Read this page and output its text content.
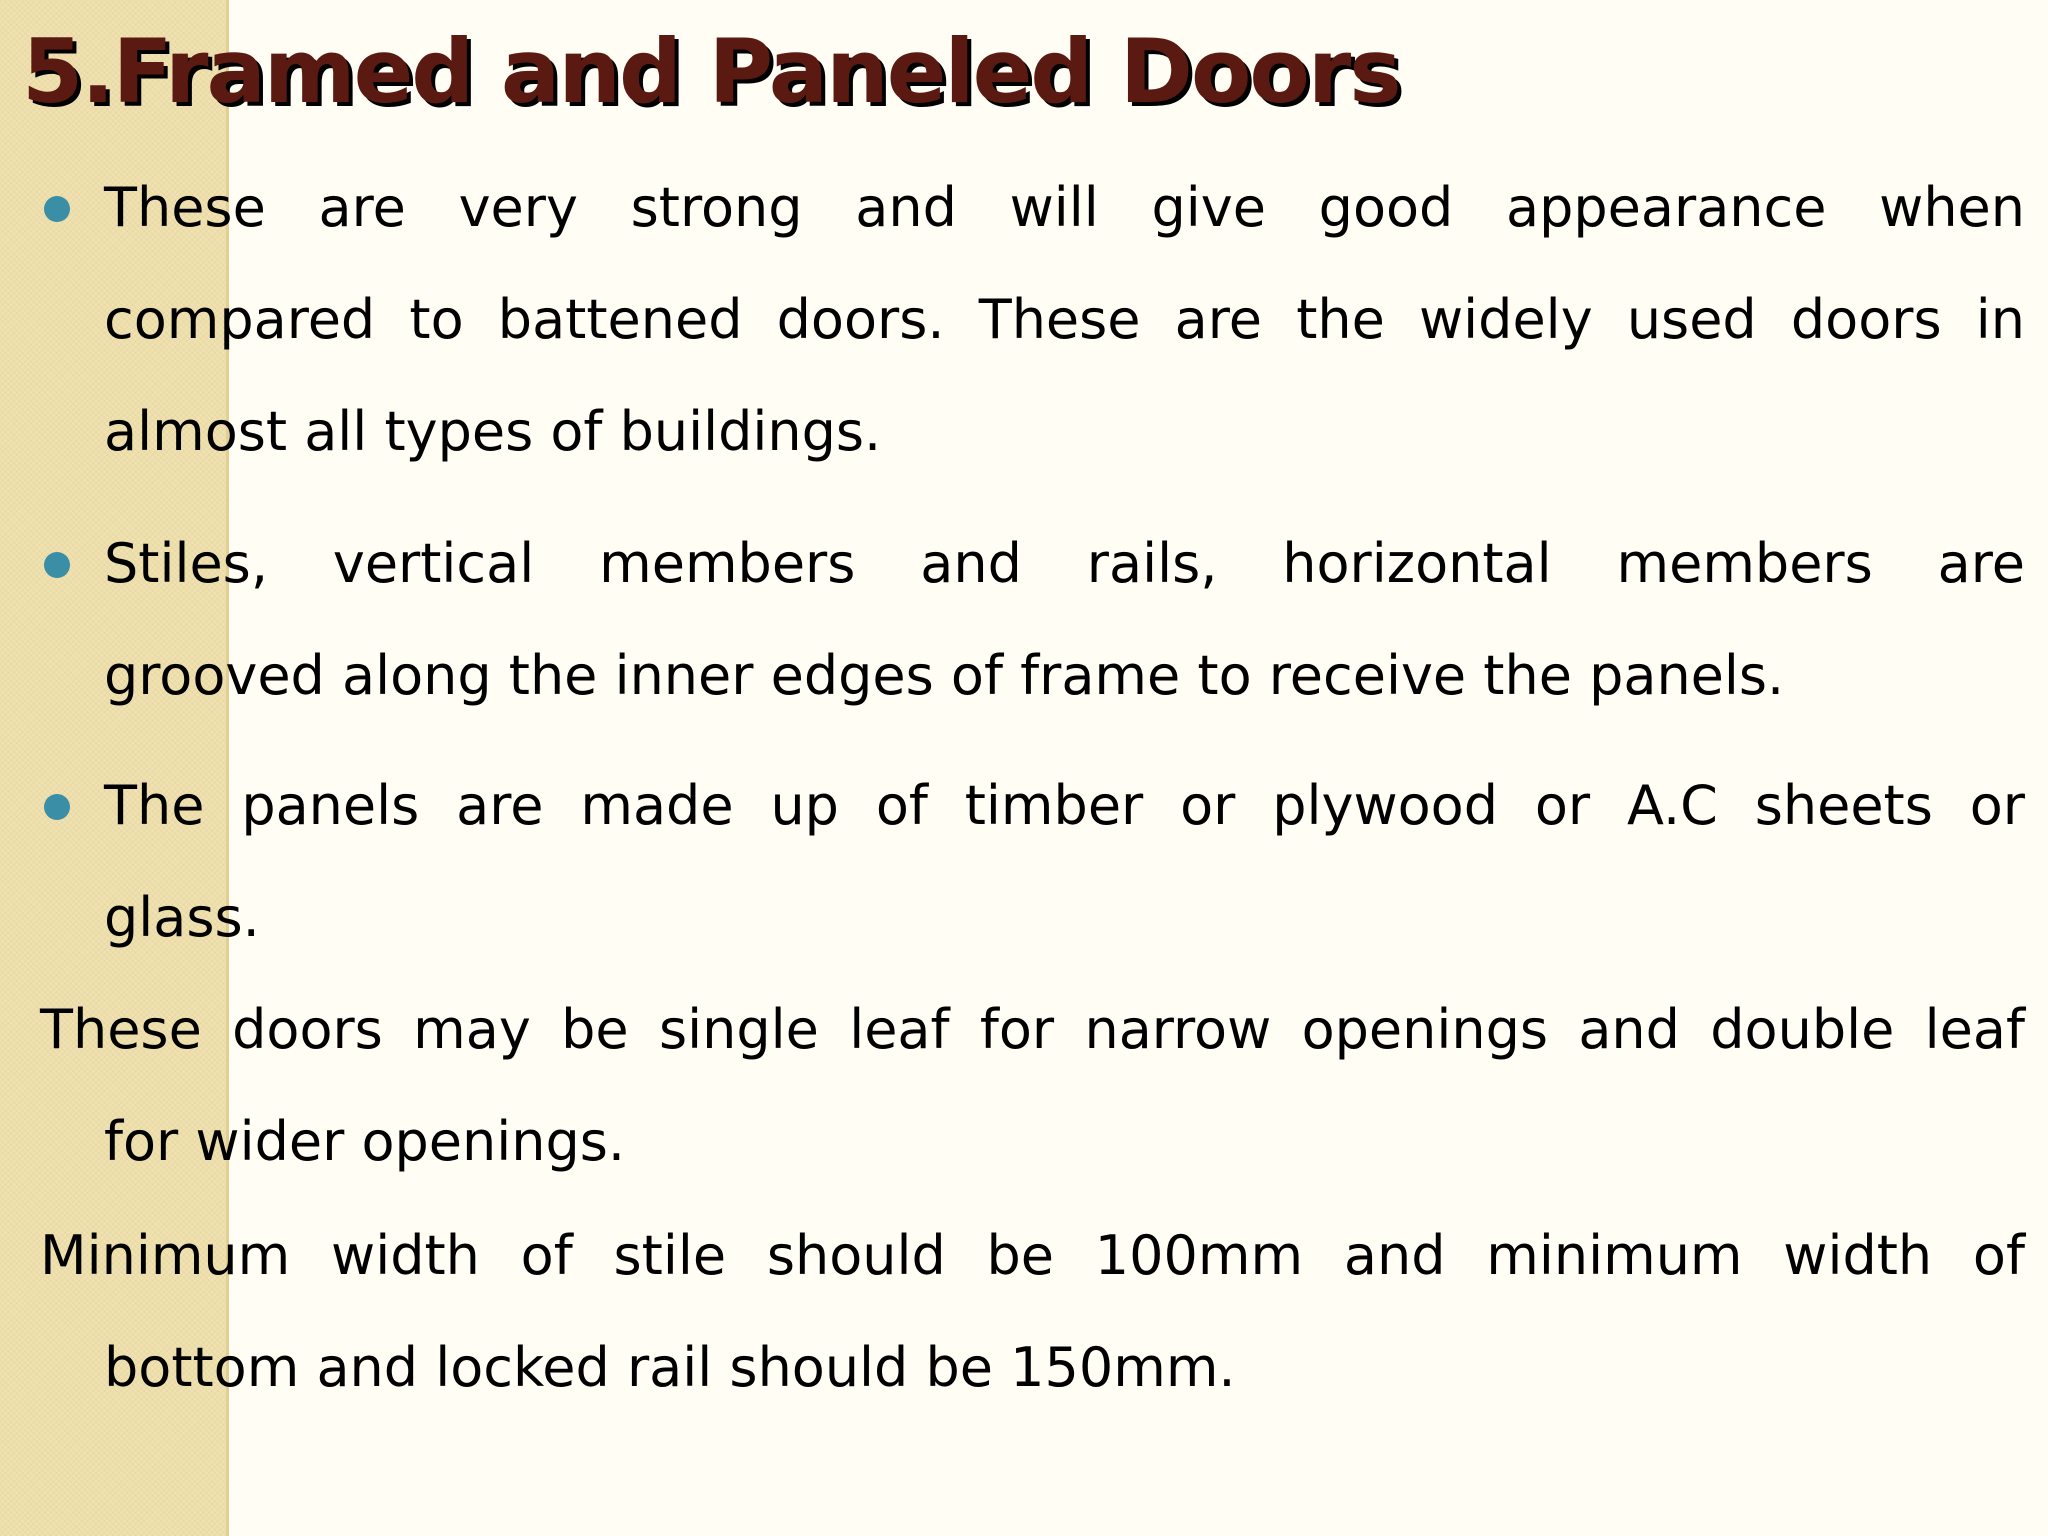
5.Framed and Paneled Doors
These are very strong and will give good appearance when
compared to battened doors. These are the widely used doors in
almost all types of buildings.
Stiles, vertical members and rails, horizontal members are
grooved along the inner edges of frame to receive the panels.
The panels are made up of timber or plywood or A.C sheets or
glass.
These doors may be single leaf for narrow openings and double leaf
for wider openings.
Minimum width of stile should be 100mm and minimum width of
bottom and locked rail should be 150mm.
